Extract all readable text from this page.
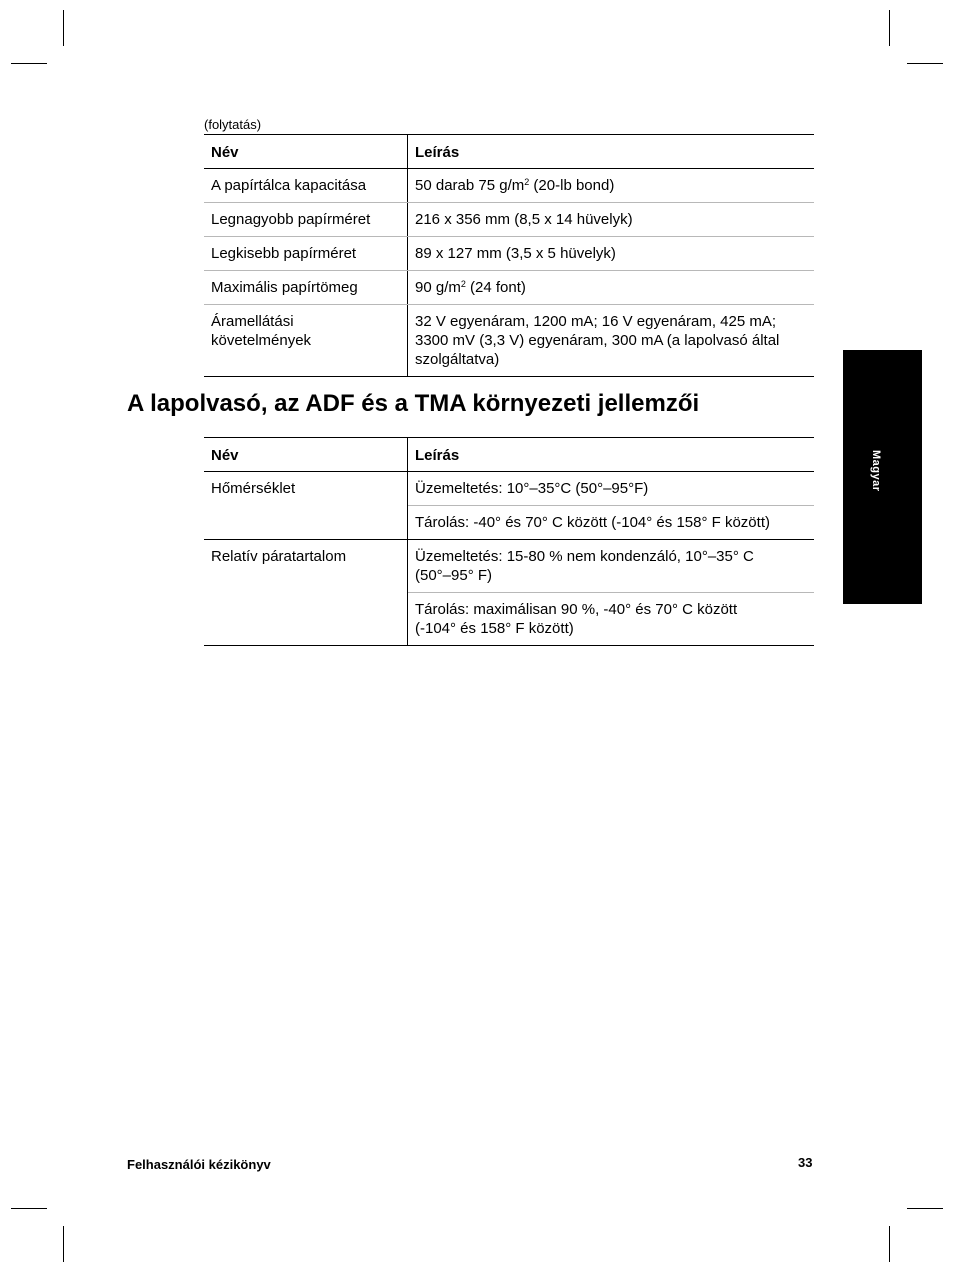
(folytatás)
Név	Leírás
A papírtálca kapacitása	50 darab 75 $g/m^2$ (20-lb bond)
Legnagyobb papírméret	216 x 356 mm (8,5 x 14 hüvelyk)
Legkisebb papírméret	89 x 127 mm (3,5 x 5 hüvelyk)
Maximális papírtömeg	90 $g/m^2$ (24 font)
Áramellátási
követelmények	32 V egyenáram, 1200 mA; 16 V egyenáram, 425 mA;
3300 mV (3,3 V) egyenáram, 300 mA (a lapolvasó által
szolgáltatva)
A lapolvasó, az ADF és a TMA környezeti jellemzői
Név	Leírás
Hőmérséklet	Üzemeltetés: 10°–35°C (50°–95°F)
	Tárolás: -40° és 70° C között (-104° és 158° F között)
Relatív páratartalom	Üzemeltetés: 15-80 % nem kondenzáló, 10°–35° C
(50°–95° F)
	Tárolás: maximálisan 90 %, -40° és 70° C között
(-104° és 158° F között)
Magyar
Felhasználói kézikönyv	33
